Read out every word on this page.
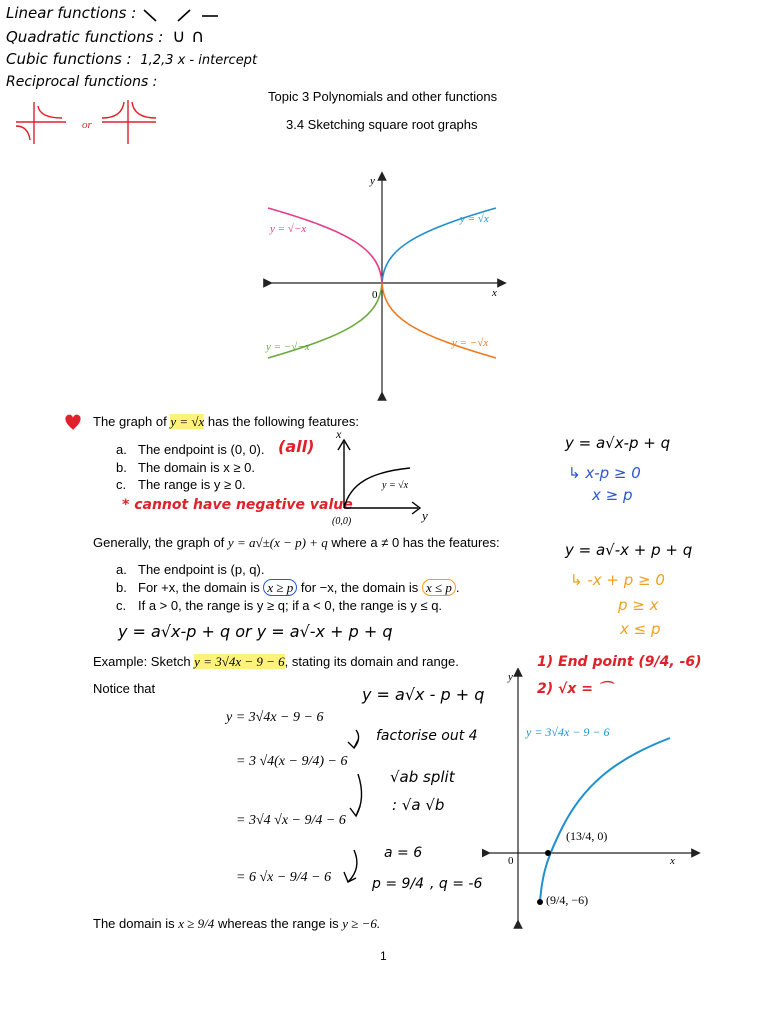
Linear functions :
Quadratic functions : ∪ ∩
Cubic functions : 1,2,3 x - intercept
Reciprocal functions :
or
Topic 3 Polynomials and other functions
3.4 Sketching square root graphs
y
x
0
y = √x
y = √−x
y = −√−x	y = −√x
The graph of y = √x has the following features:
a. The endpoint is (0, 0). (all)
b. The domain is x ≥ 0.
c. The range is y ≥ 0.
* cannot have negative value
x
y
y = √x
(0,0)
y = a√x-p + q
↳ x-p ≥ 0
x ≥ p
Generally, the graph of y = a√±(x − p) + q where a ≠ 0 has the features:
a. The endpoint is (p, q).
b. For +x, the domain is x ≥ p for −x, the domain is x ≤ p .
c. If a > 0, the range is y ≥ q; if a < 0, the range is y ≤ q.
y = a√x-p + q or y = a√-x + p + q
y = a√-x + p + q
↳ -x + p ≥ 0
p ≥ x
x ≤ p
Example: Sketch y = 3√4x − 9 − 6, stating its domain and range.
Notice that
y = 3√4x − 9 − 6
= 3 √4(x − 9/4) − 6
= 3√4 √x − 9/4 − 6
= 6 √x − 9/4 − 6
y = a√x - p + q
factorise out 4
√ab split
: √a √b
a = 6
p = 9/4 , q = -6
The domain is x ≥ 9/4 whereas the range is y ≥ −6.
1) End point (9/4, -6)
2) √x = ⌒
y
x
0
y = 3√4x − 9 − 6
(13/4, 0)
(9/4, −6)
1
